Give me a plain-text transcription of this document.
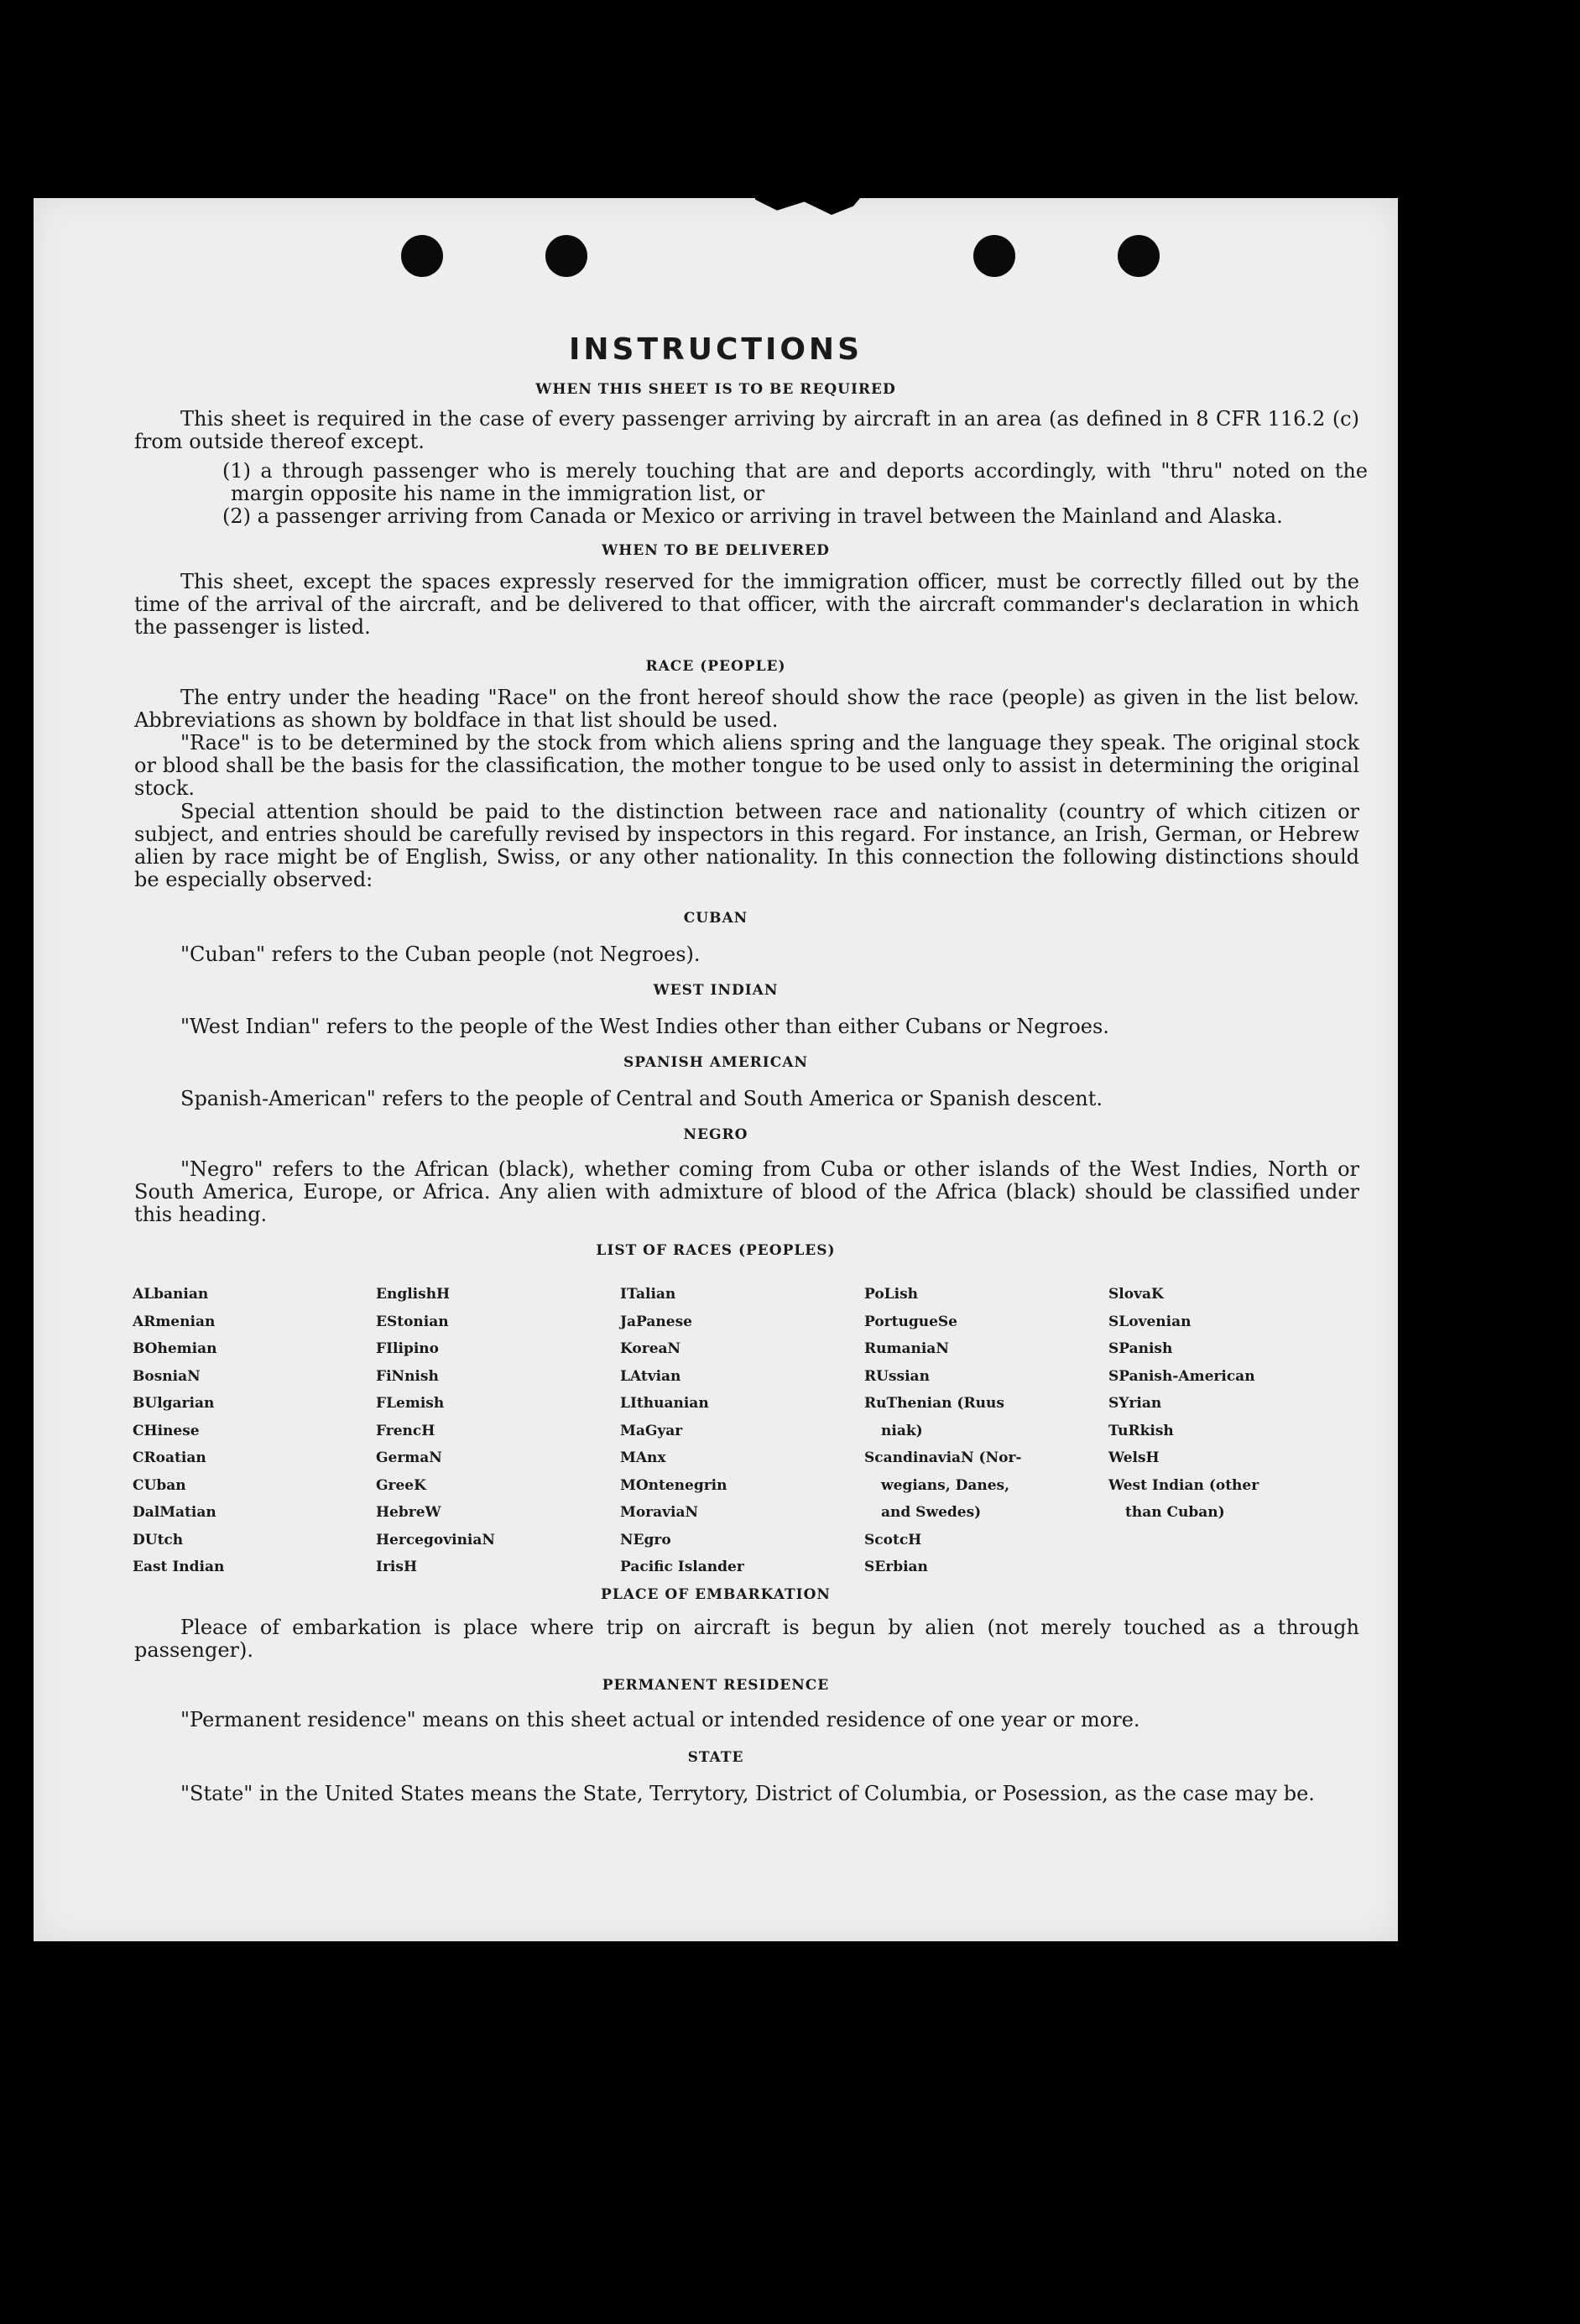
INSTRUCTIONS
WHEN THIS SHEET IS TO BE REQUIRED
This sheet is required in the case of every passenger arriving by aircraft in an area (as defined in 8 CFR 116.2 (c) from outside thereof except.
(1) a through passenger who is merely touching that are and deports accordingly, with "thru" noted on the margin opposite his name in the immigration list, or
(2) a passenger arriving from Canada or Mexico or arriving in travel between the Mainland and Alaska.
WHEN TO BE DELIVERED
This sheet, except the spaces expressly reserved for the immigration officer, must be correctly filled out by the time of the arrival of the aircraft, and be delivered to that officer, with the aircraft commander's declaration in which the passenger is listed.
RACE (PEOPLE)
The entry under the heading "Race" on the front hereof should show the race (people) as given in the list below. Abbreviations as shown by boldface in that list should be used.
"Race" is to be determined by the stock from which aliens spring and the language they speak. The original stock or blood shall be the basis for the classification, the mother tongue to be used only to assist in determining the original stock.
Special attention should be paid to the distinction between race and nationality (country of which citizen or subject, and entries should be carefully revised by inspectors in this regard. For instance, an Irish, German, or Hebrew alien by race might be of English, Swiss, or any other nationality. In this connection the following distinctions should be especially observed:
CUBAN
"Cuban" refers to the Cuban people (not Negroes).
WEST INDIAN
"West Indian" refers to the people of the West Indies other than either Cubans or Negroes.
SPANISH AMERICAN
Spanish-American" refers to the people of Central and South America or Spanish descent.
NEGRO
"Negro" refers to the African (black), whether coming from Cuba or other islands of the West Indies, North or South America, Europe, or Africa. Any alien with admixture of blood of the Africa (black) should be classified under this heading.
LIST OF RACES (PEOPLES)
ALbanian
ARmenian
BOhemian
BosniaN
BUlgarian
CHinese
CRoatian
CUban
DalMatian
DUtch
East Indian
EnglishH
EStonian
FIlipino
FiNnish
FLemish
FrencH
GermaN
GreeK
HebreW
HercegoviniaN
IrisH
ITalian
JaPanese
KoreaN
LAtvian
LIthuanian
MaGyar
MAnx
MOntenegrin
MoraviaN
NEgro
Pacific Islander
PoLish
PortugueSe
RumaniaN
RUssian
RuThenian (Ruus
niak)
ScandinaviaN (Nor-
wegians, Danes,
and Swedes)
ScotcH
SErbian
SlovaK
SLovenian
SPanish
SPanish-American
SYrian
TuRkish
WelsH
West Indian (other
than Cuban)
PLACE OF EMBARKATION
Pleace of embarkation is place where trip on aircraft is begun by alien (not merely touched as a through passenger).
PERMANENT RESIDENCE
"Permanent residence" means on this sheet actual or intended residence of one year or more.
STATE
"State" in the United States means the State, Terrytory, District of Columbia, or Posession, as the case may be.
